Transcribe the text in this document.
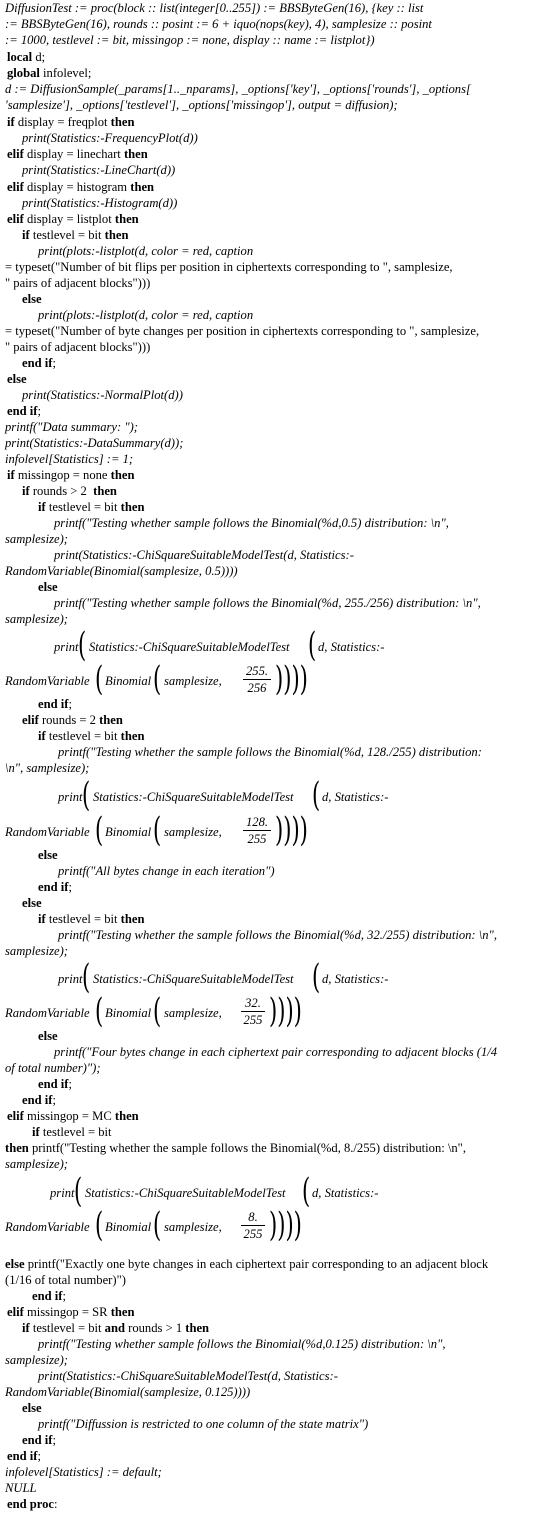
DiffusionTest := proc(block :: list(integer[0..255]) := BBSByteGen(16), {key :: list
:= BBSByteGen(16), rounds :: posint := 6 + iquo(nops(key), 4), samplesize :: posint
:= 1000, testlevel := bit, missingop := none, display :: name := listplot})
local d;
global infolevel;
d := DiffusionSample(_params[1.._nparams], _options['key'], _options['rounds'], _options[
'samplesize'], _options['testlevel'], _options['missingop'], output = diffusion);
if display = freqplot then
print(Statistics:-FrequencyPlot(d))
elif display = linechart then
print(Statistics:-LineChart(d))
elif display = histogram then
print(Statistics:-Histogram(d))
elif display = listplot then
if testlevel = bit then
print(plots:-listplot(d, color = red, caption
= typeset("Number of bit flips per position in ciphertexts corresponding to ", samplesize,
" pairs of adjacent blocks")))
else
print(plots:-listplot(d, color = red, caption
= typeset("Number of byte changes per position in ciphertexts corresponding to ", samplesize,
" pairs of adjacent blocks")))
end if;
else
print(Statistics:-NormalPlot(d))
end if;
printf("Data summary: ");
print(Statistics:-DataSummary(d));
infolevel[Statistics] := 1;
if missingop = none then
if rounds > 2  then
if testlevel = bit then
printf("Testing whether sample follows the Binomial(%d,0.5) distribution: \n",
samplesize);
print(Statistics:-ChiSquareSuitableModelTest(d, Statistics:-
RandomVariable(Binomial(samplesize, 0.5))))
else
printf("Testing whether sample follows the Binomial(%d, 255./256) distribution: \n",
samplesize);
print ( Statistics:-ChiSquareSuitableModelTest ( d, Statistics:-
RandomVariable ( Binomial ( samplesize,
255.
256 ))))
end if;
elif rounds = 2 then
if testlevel = bit then
printf("Testing whether the sample follows the Binomial(%d, 128./255) distribution:
\n", samplesize);
print ( Statistics:-ChiSquareSuitableModelTest ( d, Statistics:-
RandomVariable ( Binomial ( samplesize,
128.
255 ))))
else
printf("All bytes change in each iteration")
end if;
else
if testlevel = bit then
printf("Testing whether the sample follows the Binomial(%d, 32./255) distribution: \n",
samplesize);
print ( Statistics:-ChiSquareSuitableModelTest ( d, Statistics:-
RandomVariable ( Binomial ( samplesize,
32.
255 ))))
else
printf("Four bytes change in each ciphertext pair corresponding to adjacent blocks (1/4
of total number)");
end if;
end if;
elif missingop = MC then
if testlevel = bit
then printf("Testing whether the sample follows the Binomial(%d, 8./255) distribution: \n",
samplesize);
print ( Statistics:-ChiSquareSuitableModelTest ( d, Statistics:-
RandomVariable ( Binomial ( samplesize,
8.
255 ))))
else printf("Exactly one byte changes in each ciphertext pair corresponding to an adjacent block
(1/16 of total number)")
end if;
elif missingop = SR then
if testlevel = bit and rounds > 1 then
printf("Testing whether sample follows the Binomial(%d,0.125) distribution: \n",
samplesize);
print(Statistics:-ChiSquareSuitableModelTest(d, Statistics:-
RandomVariable(Binomial(samplesize, 0.125))))
else
printf("Diffussion is restricted to one column of the state matrix")
end if;
end if;
infolevel[Statistics] := default;
NULL
end proc:
